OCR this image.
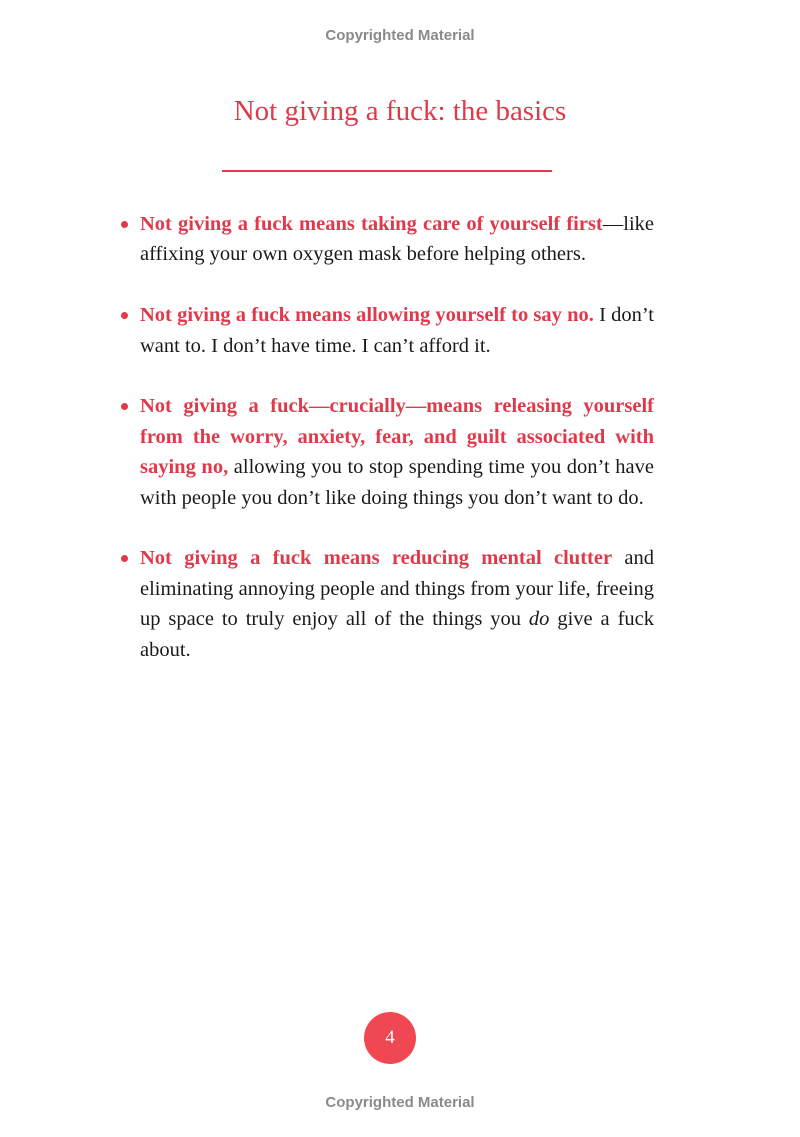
Copyrighted Material
Not giving a fuck: the basics
Not giving a fuck means taking care of yourself first—like affixing your own oxygen mask before helping others.
Not giving a fuck means allowing yourself to say no. I don’t want to. I don’t have time. I can’t afford it.
Not giving a fuck—crucially—means releasing yourself from the worry, anxiety, fear, and guilt associated with saying no, allowing you to stop spending time you don’t have with people you don’t like doing things you don’t want to do.
Not giving a fuck means reducing mental clutter and eliminating annoying people and things from your life, freeing up space to truly enjoy all of the things you do give a fuck about.
4
Copyrighted Material
